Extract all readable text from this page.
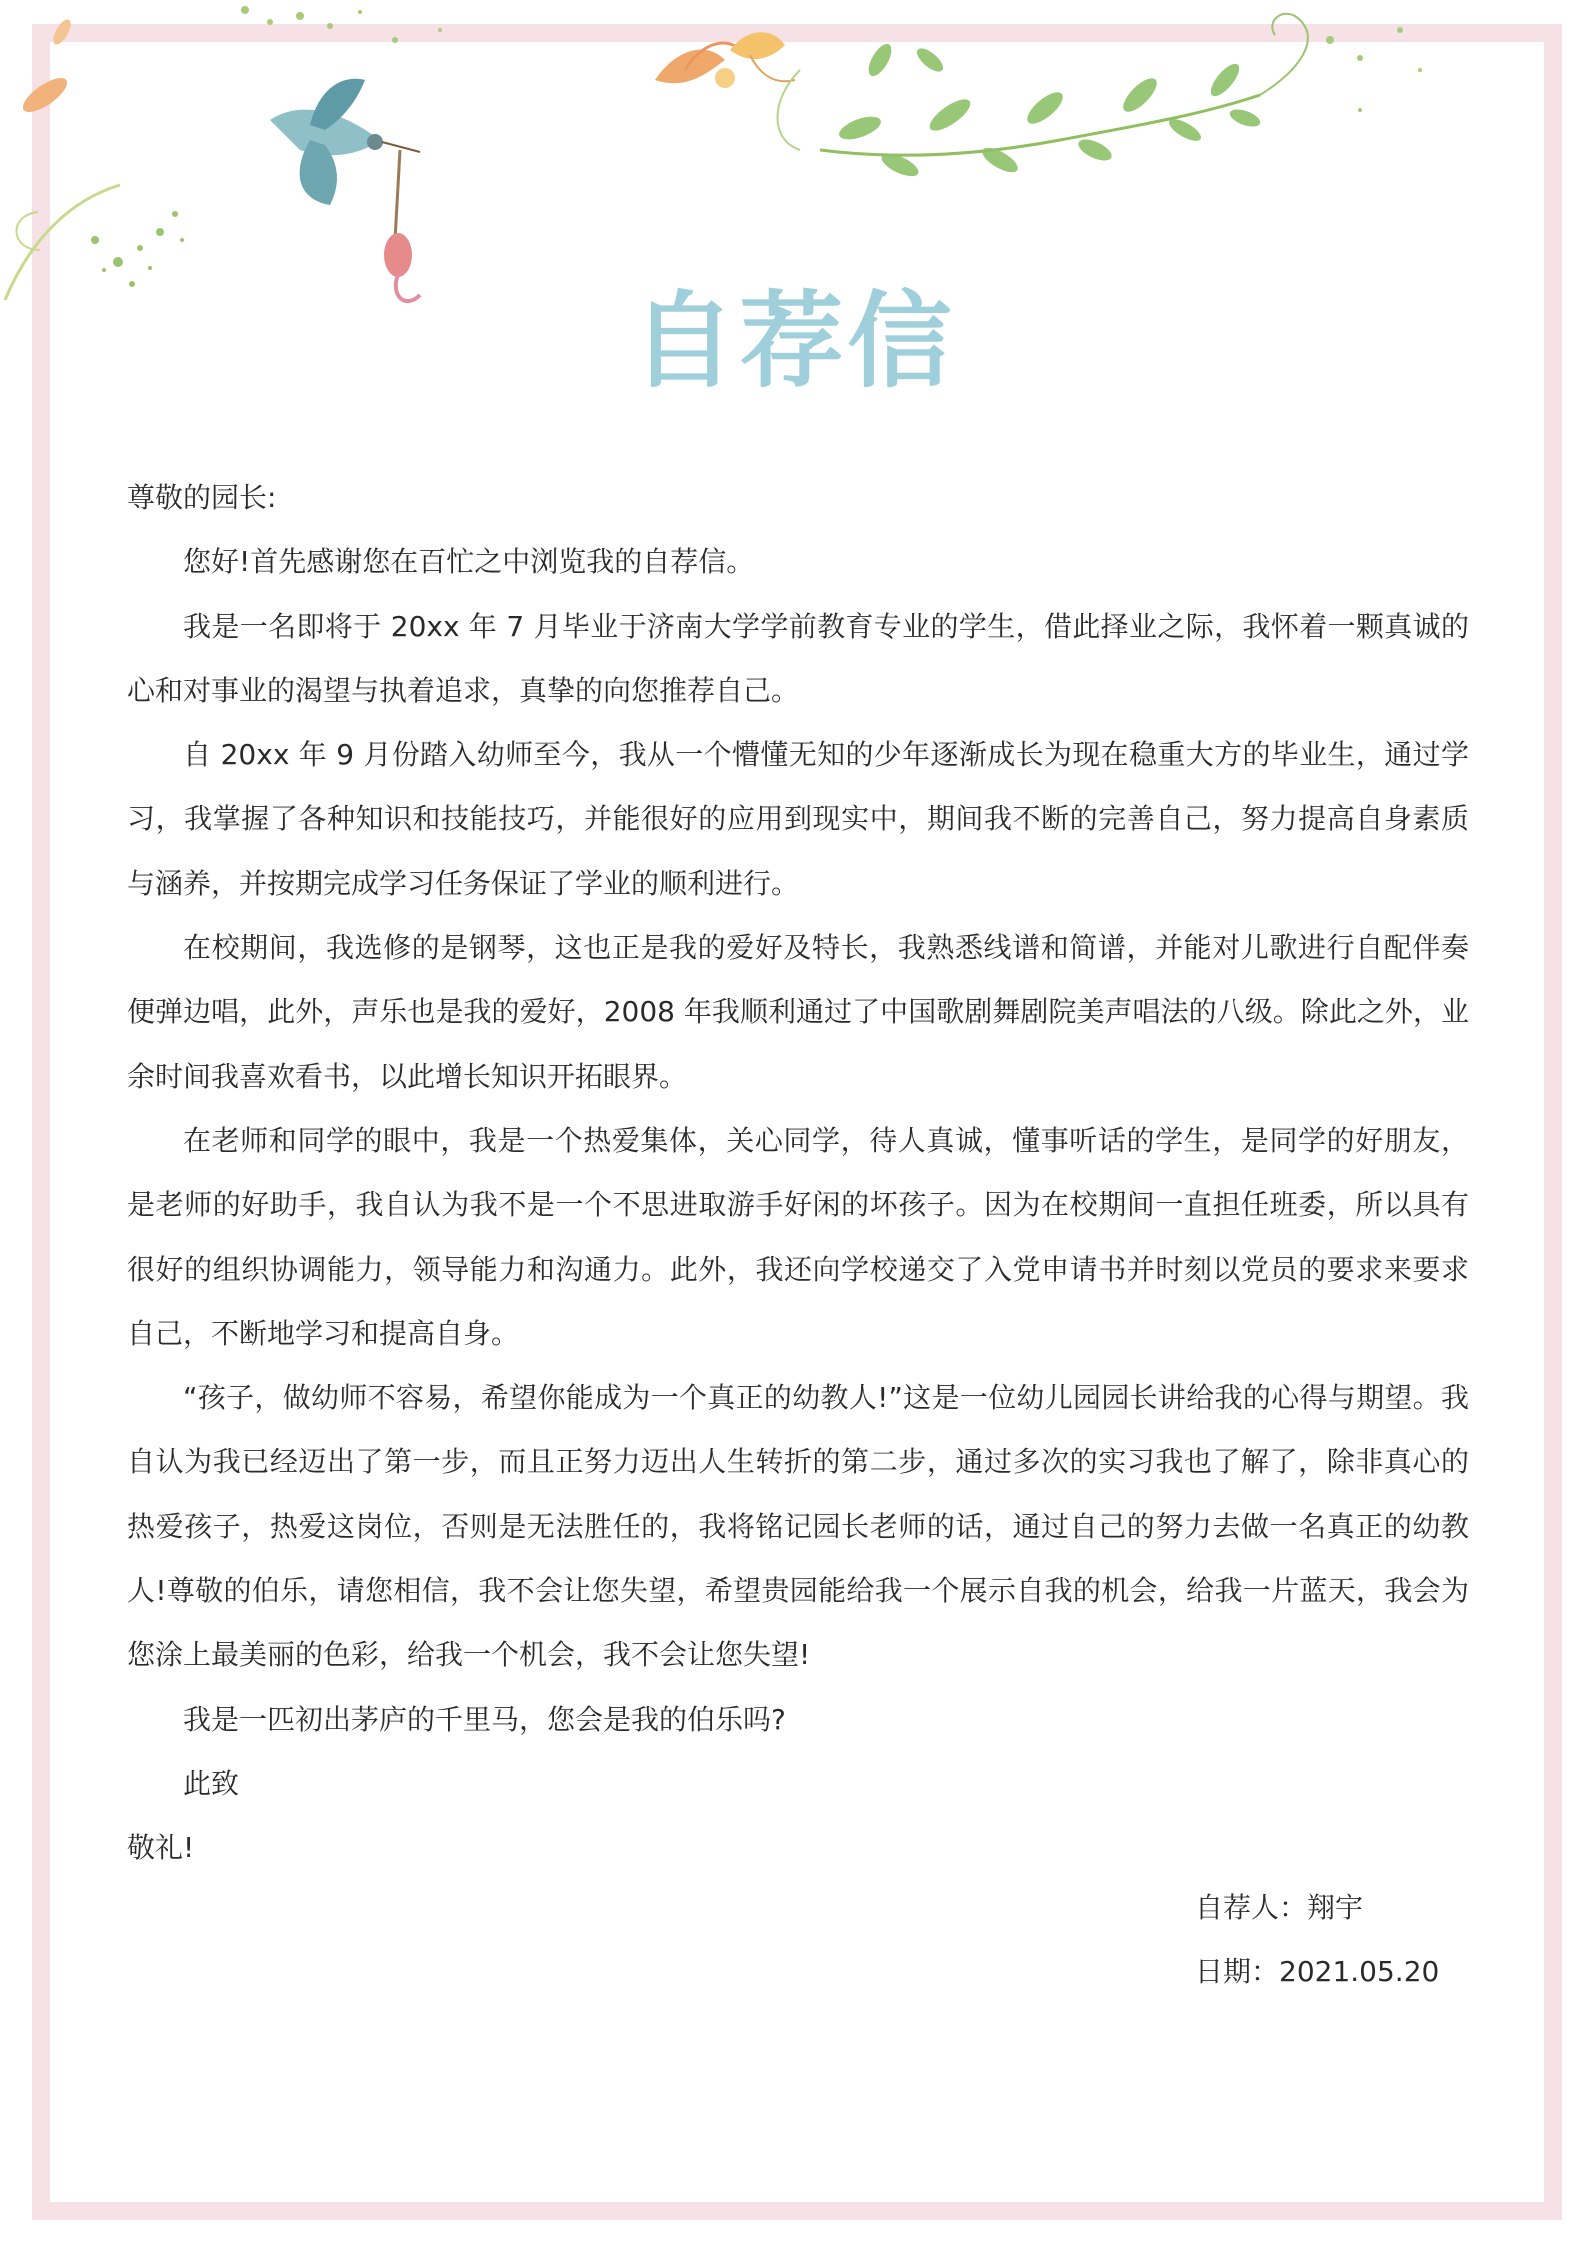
自荐信

尊敬的园长:

您好!首先感谢您在百忙之中浏览我的自荐信。

我是一名即将于 20xx 年 7 月毕业于济南大学学前教育专业的学生，借此择业之际，我怀着一颗真诚的心和对事业的渴望与执着追求，真挚的向您推荐自己。

自 20xx 年 9 月份踏入幼师至今，我从一个懵懂无知的少年逐渐成长为现在稳重大方的毕业生，通过学习，我掌握了各种知识和技能技巧，并能很好的应用到现实中，期间我不断的完善自己，努力提高自身素质与涵养，并按期完成学习任务保证了学业的顺利进行。

在校期间，我选修的是钢琴，这也正是我的爱好及特长，我熟悉线谱和简谱，并能对儿歌进行自配伴奏便弹边唱，此外，声乐也是我的爱好，2008 年我顺利通过了中国歌剧舞剧院美声唱法的八级。除此之外，业余时间我喜欢看书，以此增长知识开拓眼界。

在老师和同学的眼中，我是一个热爱集体，关心同学，待人真诚，懂事听话的学生，是同学的好朋友，是老师的好助手，我自认为我不是一个不思进取游手好闲的坏孩子。因为在校期间一直担任班委，所以具有很好的组织协调能力，领导能力和沟通力。此外，我还向学校递交了入党申请书并时刻以党员的要求来要求自己，不断地学习和提高自身。

“孩子，做幼师不容易，希望你能成为一个真正的幼教人!”这是一位幼儿园园长讲给我的心得与期望。我自认为我已经迈出了第一步，而且正努力迈出人生转折的第二步，通过多次的实习我也了解了，除非真心的热爱孩子，热爱这岗位，否则是无法胜任的，我将铭记园长老师的话，通过自己的努力去做一名真正的幼教人!尊敬的伯乐，请您相信，我不会让您失望，希望贵园能给我一个展示自我的机会，给我一片蓝天，我会为您涂上最美丽的色彩，给我一个机会，我不会让您失望!

我是一匹初出茅庐的千里马，您会是我的伯乐吗?

此致

敬礼!

自荐人：翔宇
日期：2021.05.20
